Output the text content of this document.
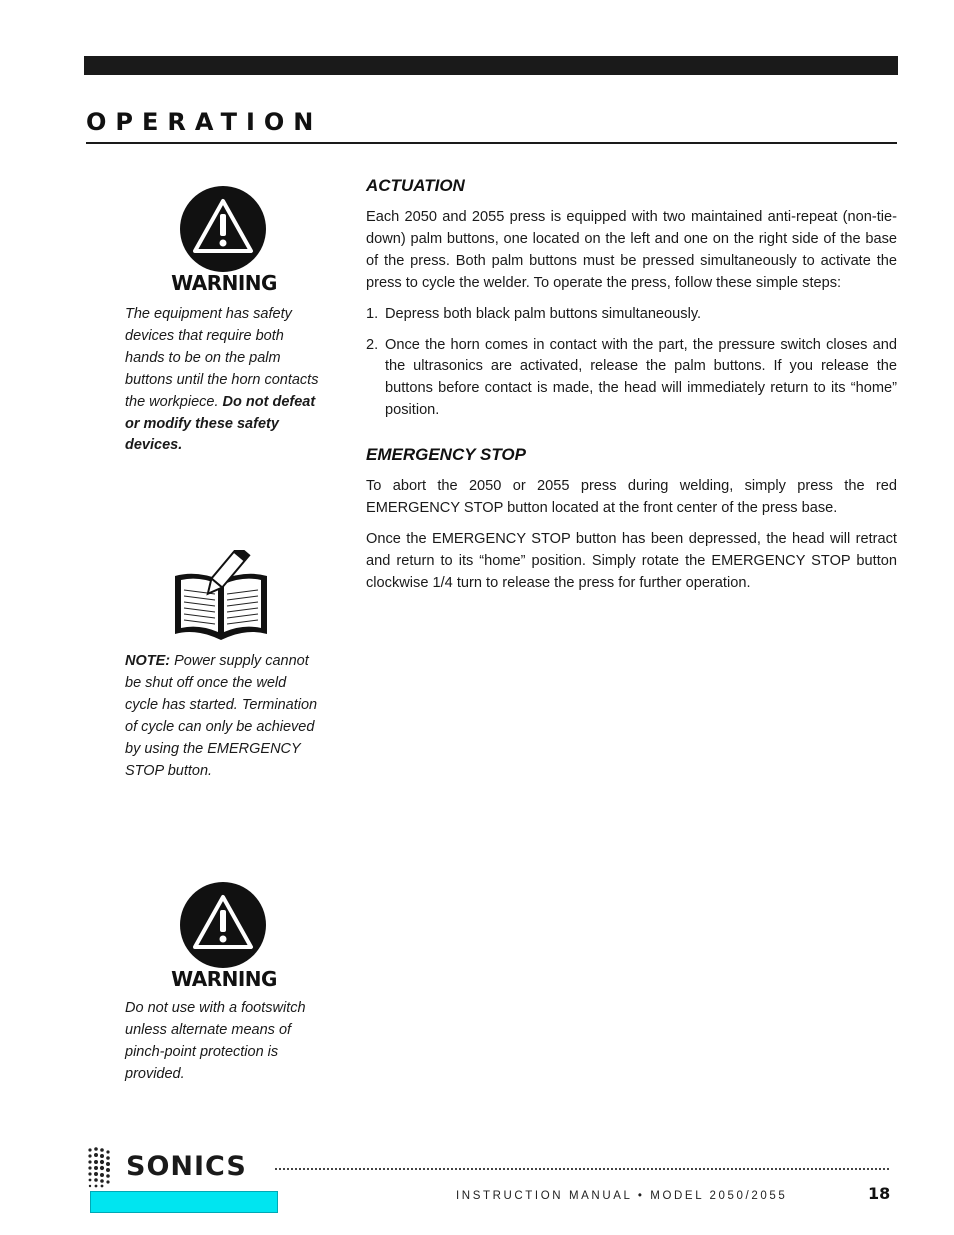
OPERATION
WARNING
The equipment has safety devices that require both hands to be on the palm buttons until the horn contacts the workpiece. Do not defeat or modify these safety devices.
NOTE: Power supply cannot be shut off once the weld cycle has started. Termination of cycle can only be achieved by using the EMERGENCY STOP button.
WARNING
Do not use with a footswitch unless alternate means of pinch-point protection is provided.
ACTUATION

Each 2050 and 2055 press is equipped with two maintained anti-repeat (non-tie-down) palm buttons, one located on the left and one on the right side of the base of the press. Both palm buttons must be pressed simultaneously to activate the press to cycle the welder. To operate the press, follow these simple steps:

1. Depress both black palm buttons simultaneously.
2. Once the horn comes in contact with the part, the pressure switch closes and the ultrasonics are activated, release the palm buttons. If you release the buttons before contact is made, the head will immediately return to its “home” position.
EMERGENCY STOP

To abort the 2050 or 2055 press during welding, simply press the red EMERGENCY STOP button located at the front center of the press base.

Once the EMERGENCY STOP button has been depressed, the head will retract and return to its “home” position. Simply rotate the EMERGENCY STOP button clockwise 1/4 turn to release the press for further operation.

SONICS
INSTRUCTION MANUAL • MODEL 2050/2055	18
